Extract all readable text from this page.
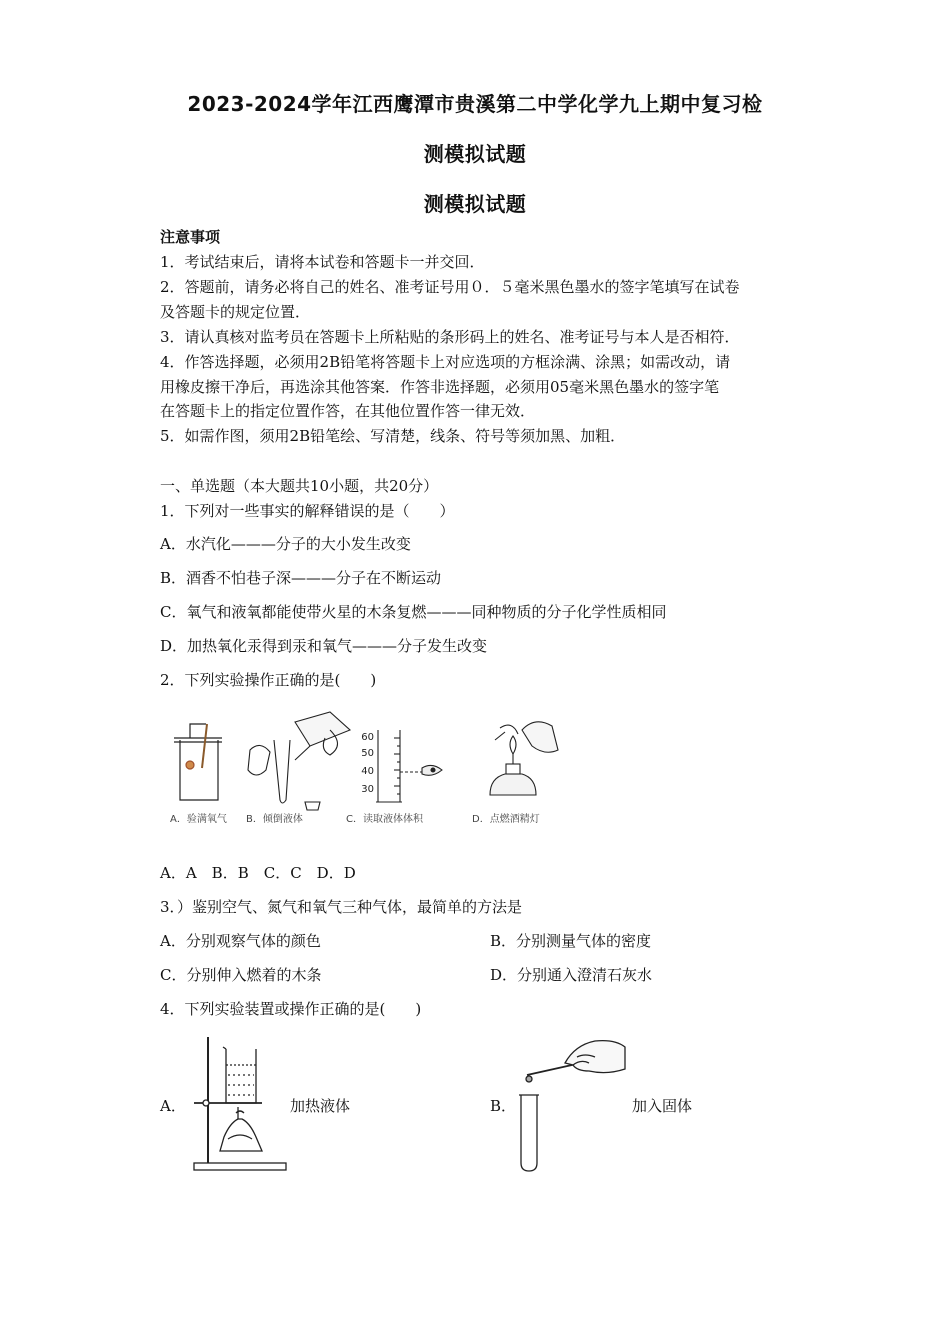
2023-2024学年江西鹰潭市贵溪第二中学化学九上期中复习检
测模拟试题
测模拟试题
注意事项
1．考试结束后，请将本试卷和答题卡一并交回．
2．答题前，请务必将自己的姓名、准考证号用０．５毫米黑色墨水的签字笔填写在试卷
及答题卡的规定位置．
3．请认真核对监考员在答题卡上所粘贴的条形码上的姓名、准考证号与本人是否相符．
4．作答选择题，必须用2B铅笔将答题卡上对应选项的方框涂满、涂黑；如需改动，请
用橡皮擦干净后，再选涂其他答案．作答非选择题，必须用05毫米黑色墨水的签字笔
在答题卡上的指定位置作答，在其他位置作答一律无效．
5．如需作图，须用2B铅笔绘、写清楚，线条、符号等须加黑、加粗．
一、单选题（本大题共10小题，共20分）
1．下列对一些事实的解释错误的是（　　）
A．水汽化———分子的大小发生改变
B．酒香不怕巷子深———分子在不断运动
C．氧气和液氧都能使带火星的木条复燃———同种物质的分子化学性质相同
D．加热氧化汞得到汞和氧气———分子发生改变
2．下列实验操作正确的是(　　)
60
50
40
30
A．验满氧气 B．倾倒液体	C．读取液体体积	D．点燃酒精灯
A．A　B．B　C．C　D．D
3．）鉴别空气、氮气和氧气三种气体，最简单的方法是
A．分别观察气体的颜色	B．分别测量气体的密度
C．分别伸入燃着的木条	D．分别通入澄清石灰水
4．下列实验装置或操作正确的是(　　)
A．	加热液体	B．	加入固体
